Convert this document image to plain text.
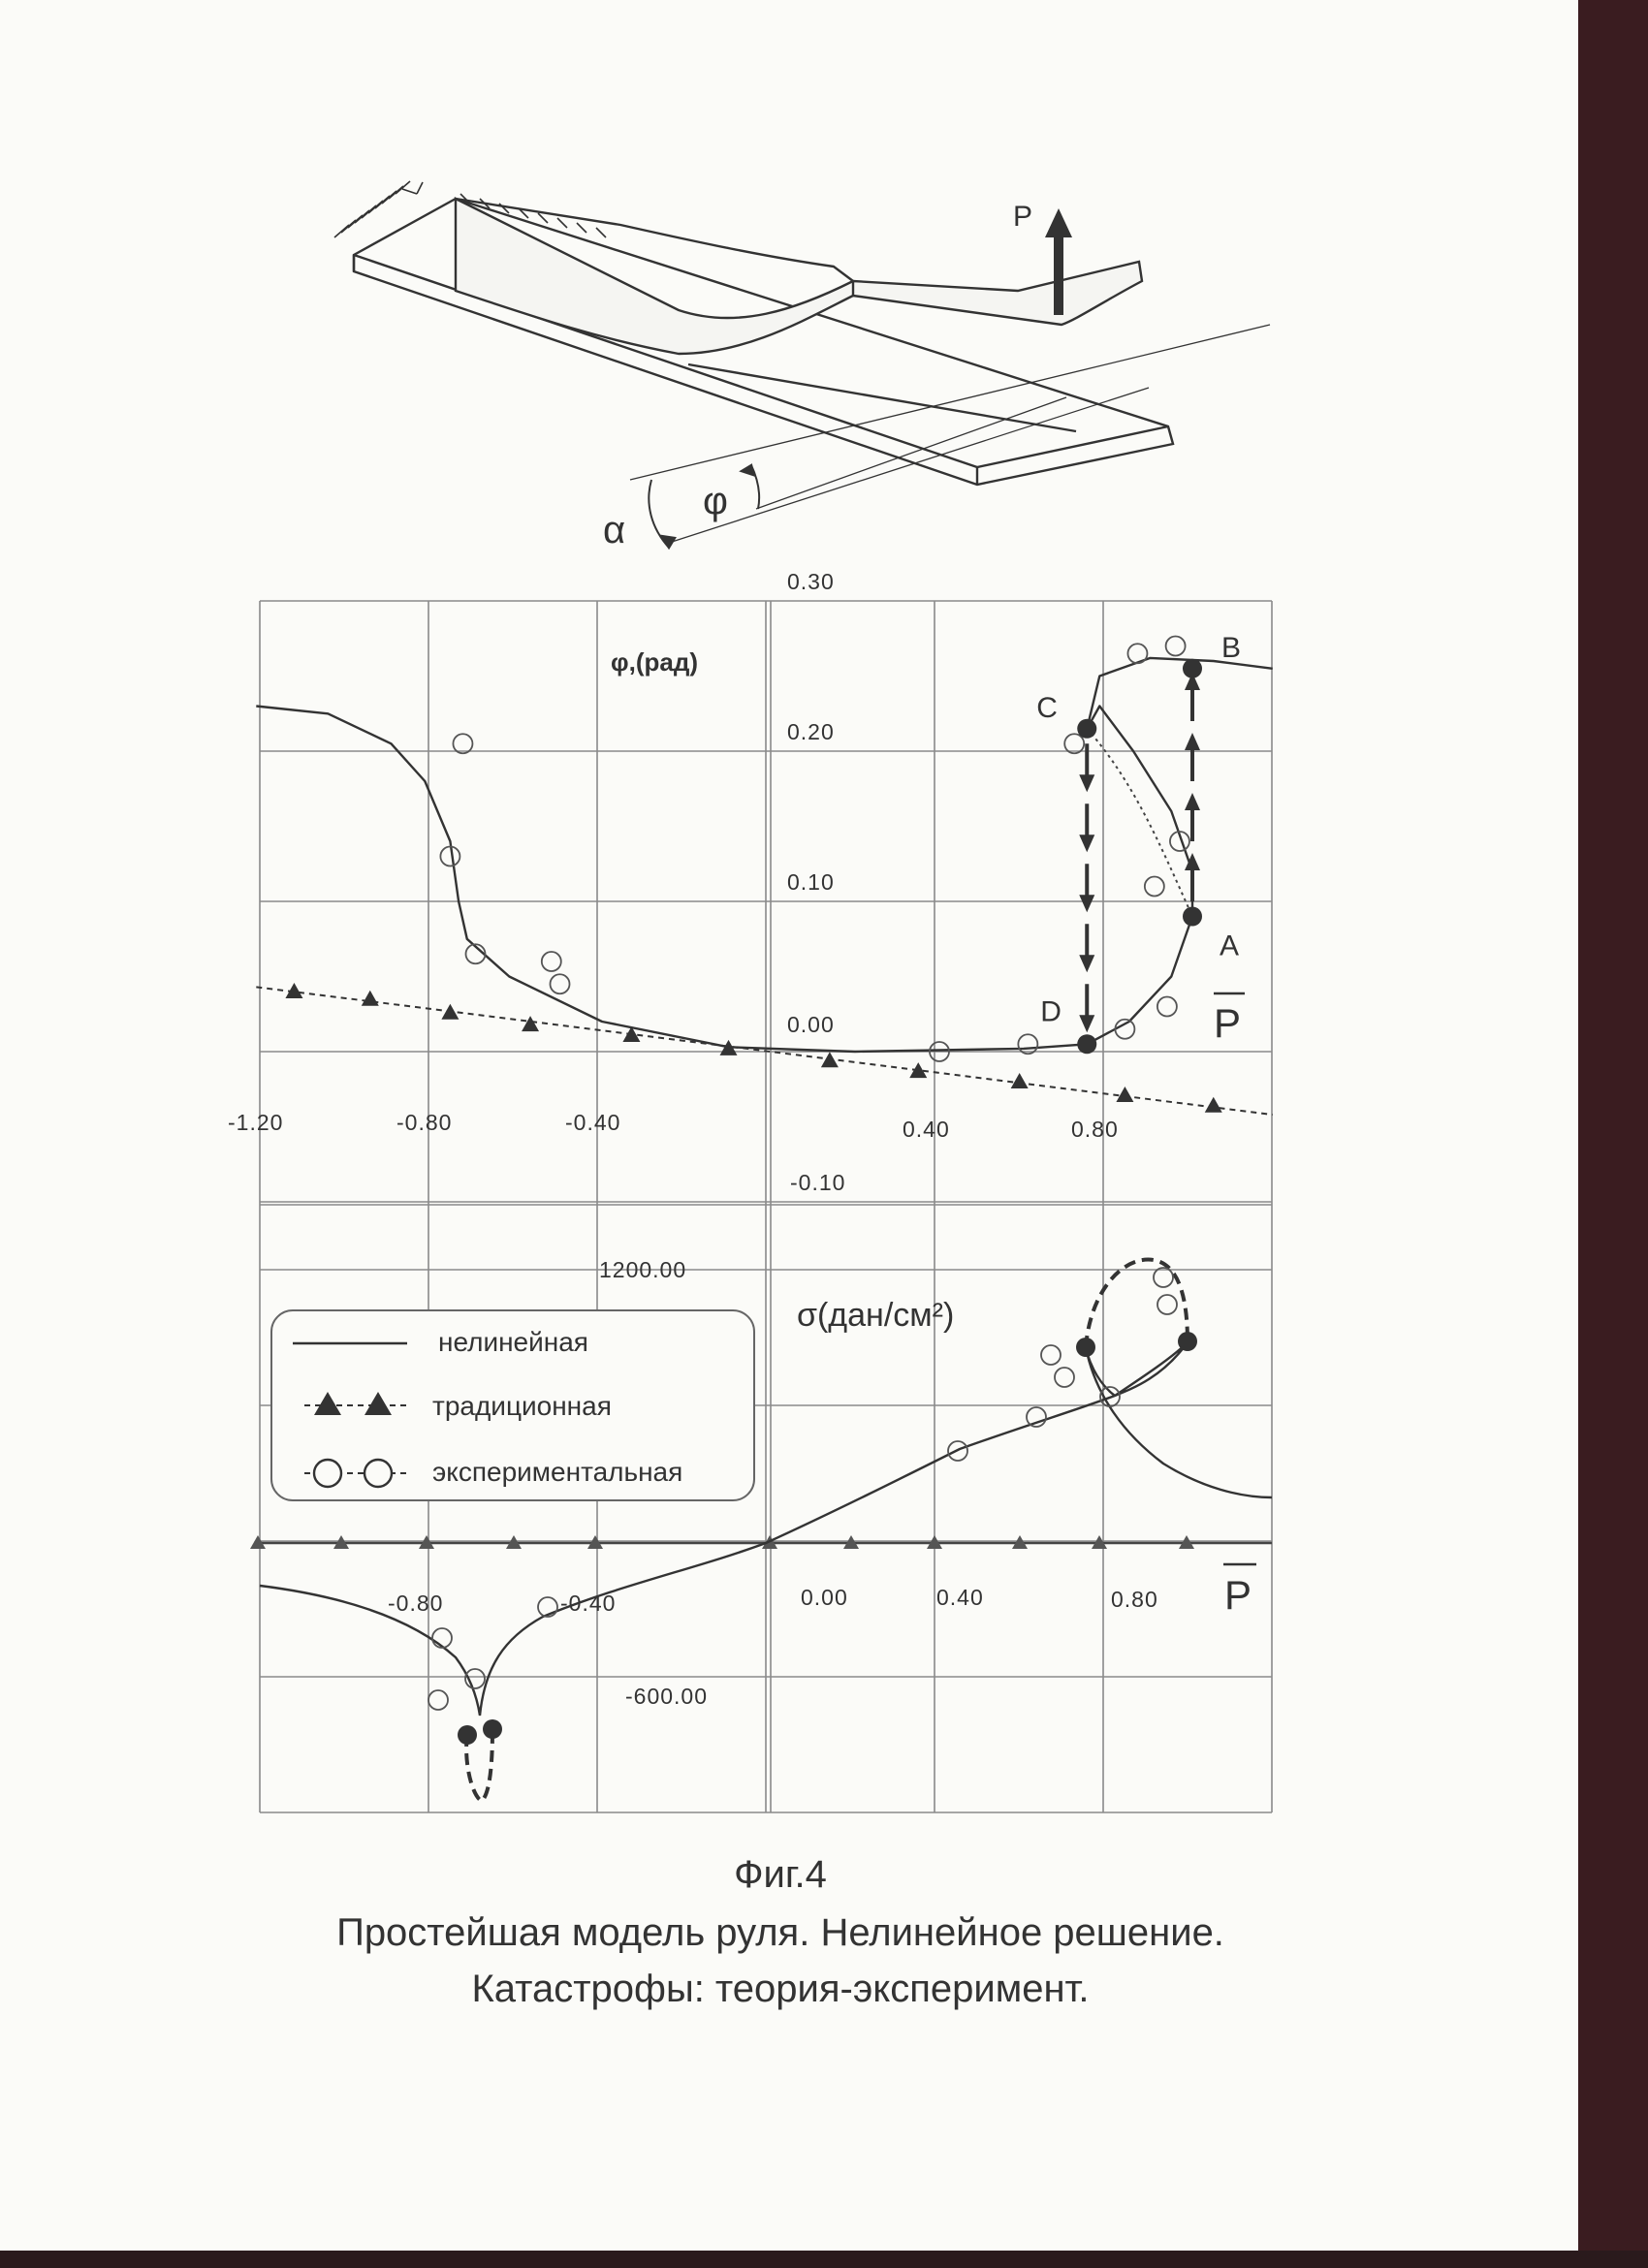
P
α
φ
φ,(рад)
-1.20	-0.80	-0.40	0.40	0.80
0.30
0.20
0.10
0.00
-0.10
A
B
C
D	P
σ(дан/см²)
1200.00
-600.00
-0.80	-0.40	0.00	0.40	0.80 P
нелинейная
традиционная
экспериментальная
Фиг.4
Простейшая модель руля. Нелинейное решение.
Катастрофы: теория-эксперимент.
